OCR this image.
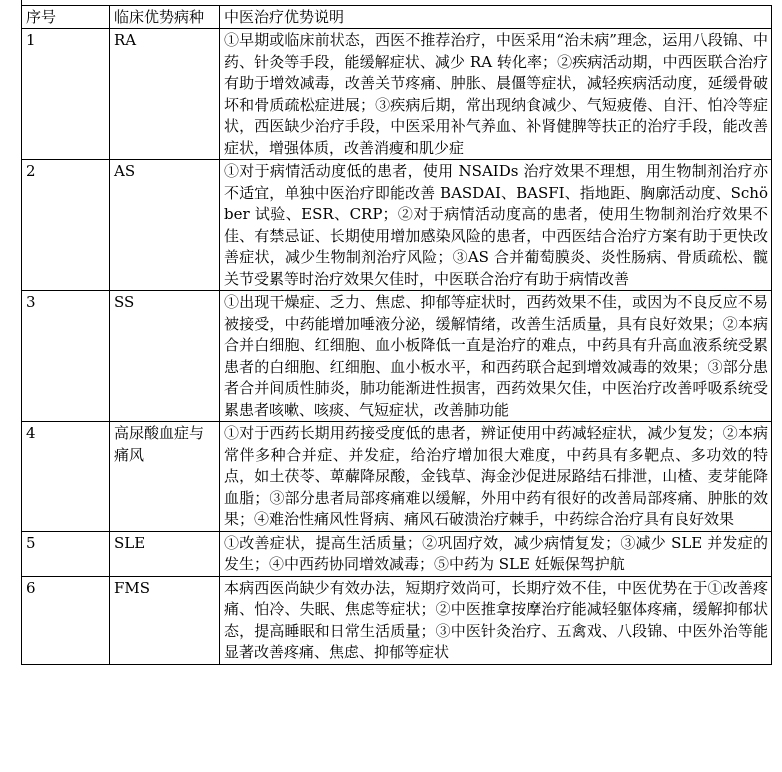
序号	临床优势病种	中医治疗优势说明
1	RA	①早期或临床前状态，西医不推荐治疗，中医采用“治未病”理念，运用八段锦、中药、针灸等手段，能缓解症状、减少 RA 转化率；②疾病活动期，中西医联合治疗有助于增效减毒，改善关节疼痛、肿胀、晨僵等症状，减轻疾病活动度，延缓骨破坏和骨质疏松症进展；③疾病后期，常出现纳食减少、气短疲倦、自汗、怕冷等症状，西医缺少治疗手段，中医采用补气养血、补肾健脾等扶正的治疗手段，能改善症状，增强体质，改善消瘦和肌少症
2	AS	①对于病情活动度低的患者，使用 NSAIDs 治疗效果不理想，用生物制剂治疗亦不适宜，单独中医治疗即能改善 BASDAI、BASFI、指地距、胸廓活动度、Schöber 试验、ESR、CRP；②对于病情活动度高的患者，使用生物制剂治疗效果不佳、有禁忌证、长期使用增加感染风险的患者，中西医结合治疗方案有助于更快改善症状，减少生物制剂治疗风险；③AS 合并葡萄膜炎、炎性肠病、骨质疏松、髋关节受累等时治疗效果欠佳时，中医联合治疗有助于病情改善
3	SS	①出现干燥症、乏力、焦虑、抑郁等症状时，西药效果不佳，或因为不良反应不易被接受，中药能增加唾液分泌，缓解情绪，改善生活质量，具有良好效果；②本病合并白细胞、红细胞、血小板降低一直是治疗的难点，中药具有升高血液系统受累患者的白细胞、红细胞、血小板水平，和西药联合起到增效减毒的效果；③部分患者合并间质性肺炎，肺功能渐进性损害，西药效果欠佳，中医治疗改善呼吸系统受累患者咳嗽、咳痰、气短症状，改善肺功能
4	高尿酸血症与痛风	①对于西药长期用药接受度低的患者，辨证使用中药减轻症状，减少复发；②本病常伴多种合并症、并发症，给治疗增加很大难度，中药具有多靶点、多功效的特点，如土茯苓、萆薢降尿酸，金钱草、海金沙促进尿路结石排泄，山楂、麦芽能降血脂；③部分患者局部疼痛难以缓解，外用中药有很好的改善局部疼痛、肿胀的效果；④难治性痛风性肾病、痛风石破溃治疗棘手，中药综合治疗具有良好效果
5	SLE	①改善症状，提高生活质量；②巩固疗效，减少病情复发；③减少 SLE 并发症的发生；④中西药协同增效减毒；⑤中药为 SLE 妊娠保驾护航
6	FMS	本病西医尚缺少有效办法，短期疗效尚可，长期疗效不佳，中医优势在于①改善疼痛、怕冷、失眠、焦虑等症状；②中医推拿按摩治疗能减轻躯体疼痛，缓解抑郁状态，提高睡眠和日常生活质量；③中医针灸治疗、五禽戏、八段锦、中医外治等能显著改善疼痛、焦虑、抑郁等症状
